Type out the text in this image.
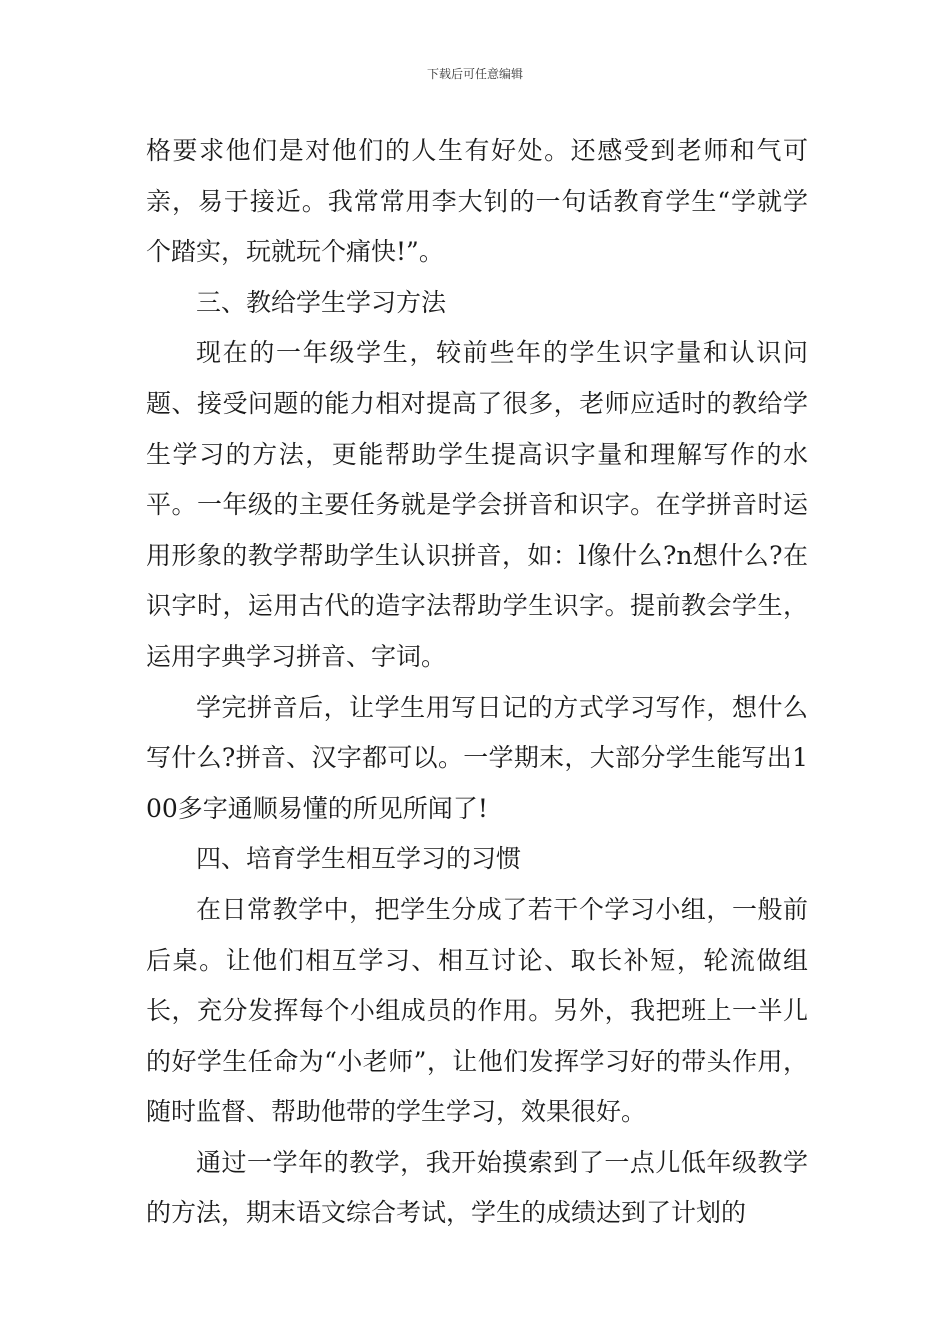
下载后可任意编辑

格要求他们是对他们的人生有好处。还感受到老师和气可亲，易于接近。我常常用李大钊的一句话教育学生“学就学个踏实，玩就玩个痛快!”。

三、教给学生学习方法

现在的一年级学生，较前些年的学生识字量和认识问题、接受问题的能力相对提高了很多，老师应适时的教给学生学习的方法，更能帮助学生提高识字量和理解写作的水平。一年级的主要任务就是学会拼音和识字。在学拼音时运用形象的教学帮助学生认识拼音，如：l像什么?n想什么?在识字时，运用古代的造字法帮助学生识字。提前教会学生，运用字典学习拼音、字词。

学完拼音后，让学生用写日记的方式学习写作，想什么写什么?拼音、汉字都可以。一学期末，大部分学生能写出100多字通顺易懂的所见所闻了!

四、培育学生相互学习的习惯

在日常教学中，把学生分成了若干个学习小组，一般前后桌。让他们相互学习、相互讨论、取长补短，轮流做组长，充分发挥每个小组成员的作用。另外，我把班上一半儿的好学生任命为“小老师”，让他们发挥学习好的带头作用，随时监督、帮助他带的学生学习，效果很好。

通过一学年的教学，我开始摸索到了一点儿低年级教学的方法，期末语文综合考试，学生的成绩达到了计划的
